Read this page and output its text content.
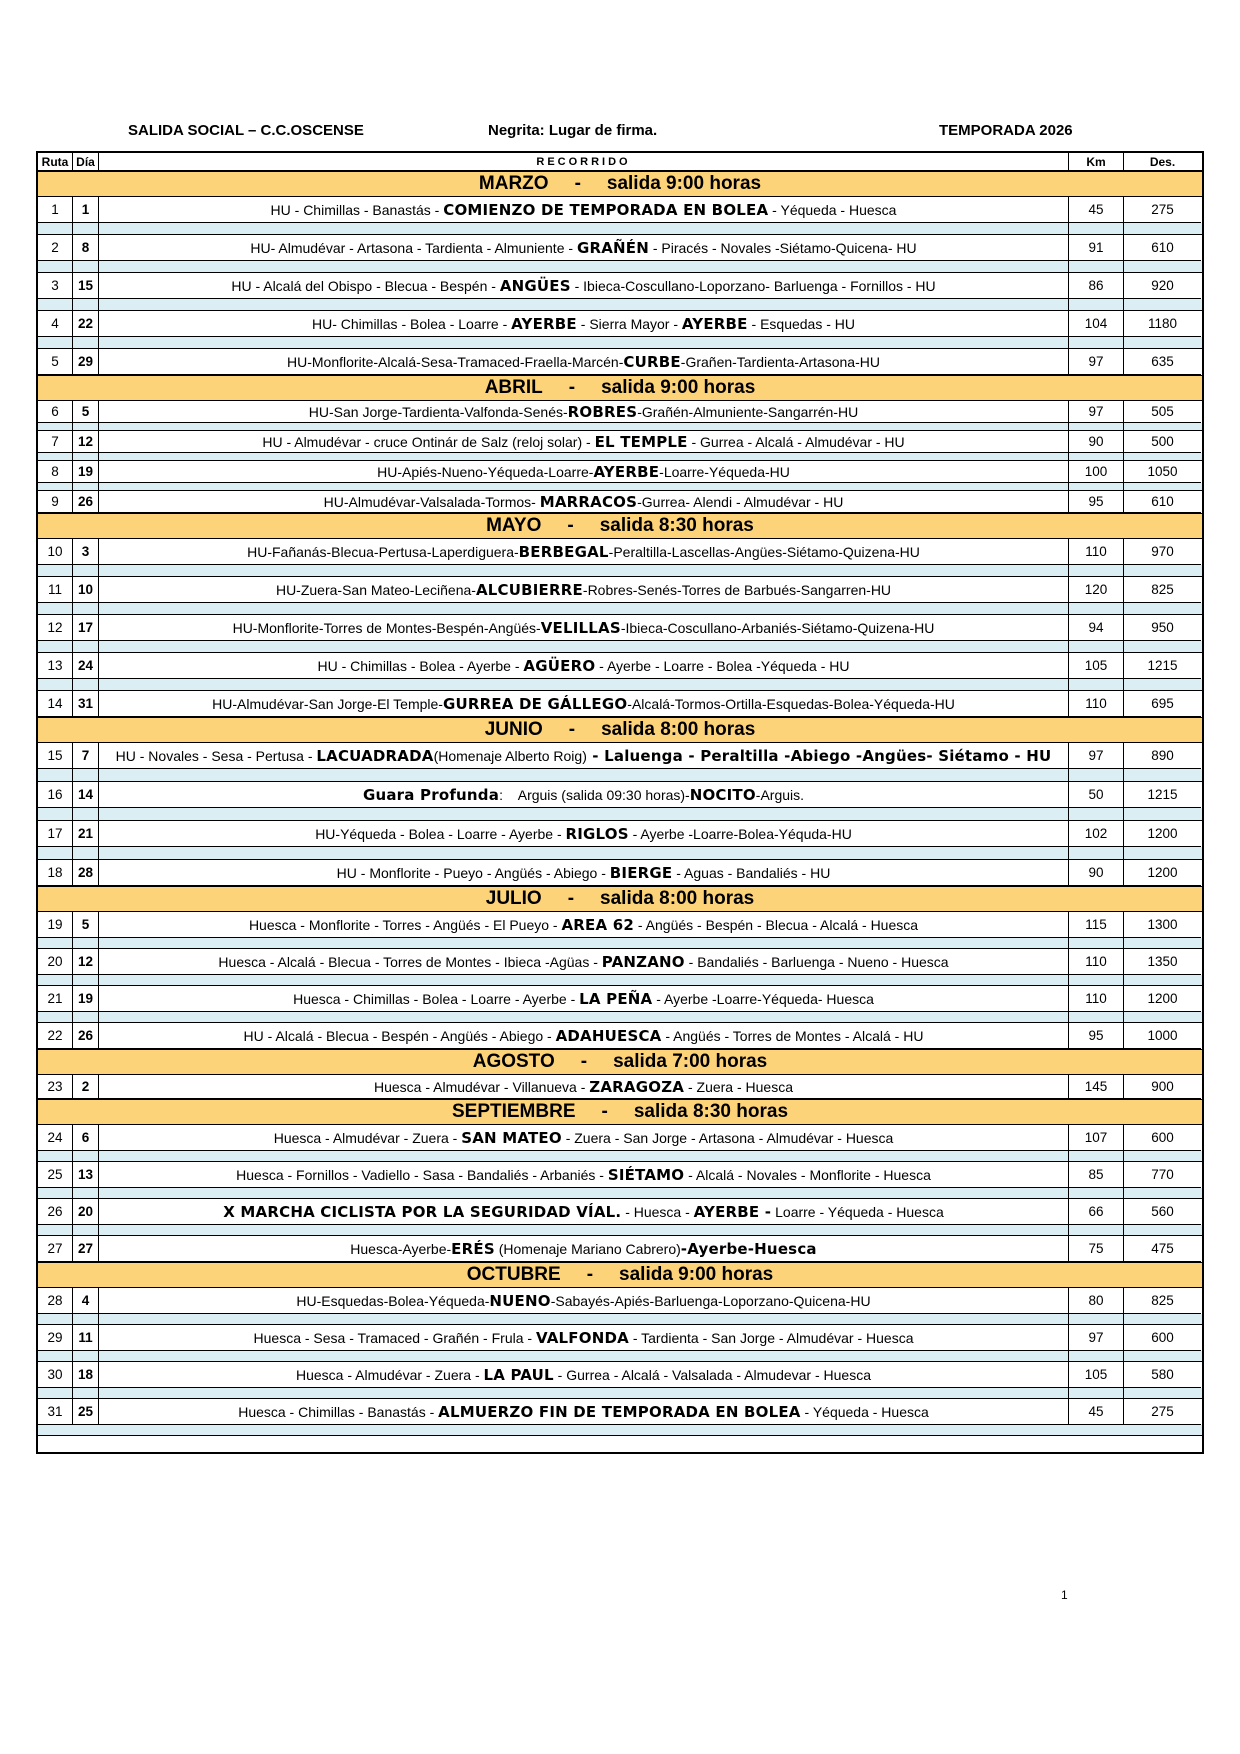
SALIDA SOCIAL – C.C.OSCENSE	Negrita: Lugar de firma.	TEMPORADA 2026
Ruta Día	RECORRIDO	Km	Des.
MARZO - salida 9:00 horas
1	1	HU - Chimillas - Banastás - COMIENZO DE TEMPORADA EN BOLEA - Yéqueda - Huesca	45	275
2	8	HU- Almudévar - Artasona - Tardienta - Almuniente - GRAÑÉN - Piracés - Novales -Siétamo-Quicena- HU	91	610
3	15	HU - Alcalá del Obispo - Blecua - Bespén - ANGÜES - Ibieca-Coscullano-Loporzano- Barluenga - Fornillos - HU	86	920
4	22	HU- Chimillas - Bolea - Loarre - AYERBE - Sierra Mayor - AYERBE - Esquedas - HU	104	1180
5	29	HU-Monflorite-Alcalá-Sesa-Tramaced-Fraella-Marcén- CURBE -Grañen-Tardienta-Artasona-HU	97	635
ABRIL - salida 9:00 horas
6	5	HU-San Jorge-Tardienta-Valfonda-Senés- ROBRES -Grañén-Almuniente-Sangarrén-HU	97	505
7	12	HU - Almudévar - cruce Ontinár de Salz (reloj solar) - EL TEMPLE - Gurrea - Alcalá - Almudévar - HU	90	500
8	19	HU-Apiés-Nueno-Yéqueda-Loarre- AYERBE -Loarre-Yéqueda-HU	100	1050
9	26	HU-Almudévar-Valsalada-Tormos- MARRACOS -Gurrea- Alendi - Almudévar - HU	95	610
MAYO - salida 8:30 horas
10	3	HU-Fañanás-Blecua-Pertusa-Laperdiguera- BERBEGAL -Peraltilla-Lascellas-Angües-Siétamo-Quizena-HU	110	970
11	10	HU-Zuera-San Mateo-Leciñena- ALCUBIERRE -Robres-Senés-Torres de Barbués-Sangarren-HU	120	825
12	17	HU-Monflorite-Torres de Montes-Bespén-Angüés- VELILLAS -Ibieca-Coscullano-Arbaniés-Siétamo-Quizena-HU	94	950
13	24	HU - Chimillas - Bolea - Ayerbe - AGÜERO - Ayerbe - Loarre - Bolea -Yéqueda - HU	105	1215
14	31	HU-Almudévar-San Jorge-El Temple- GURREA DE GÁLLEGO -Alcalá-Tormos-Ortilla-Esquedas-Bolea-Yéqueda-HU	110	695
JUNIO - salida 8:00 horas
15	7	HU - Novales - Sesa - Pertusa - LACUADRADA (Homenaje Alberto Roig) - Laluenga - Peraltilla -Abiego -Angües- Siétamo - HU	97	890
16	14	Guara Profunda :    Arguis (salida 09:30 horas)- NOCITO -Arguis.	50	1215
17	21	HU-Yéqueda - Bolea - Loarre - Ayerbe - RIGLOS - Ayerbe -Loarre-Bolea-Yéquda-HU	102	1200
18	28	HU - Monflorite - Pueyo - Angüés - Abiego - BIERGE - Aguas - Bandaliés - HU	90	1200
JULIO - salida 8:00 horas
19	5	Huesca - Monflorite - Torres - Angüés - El Pueyo - AREA 62 - Angüés - Bespén - Blecua - Alcalá - Huesca	115	1300
20	12	Huesca - Alcalá - Blecua - Torres de Montes - Ibieca -Agüas - PANZANO - Bandaliés - Barluenga - Nueno - Huesca	110	1350
21	19	Huesca - Chimillas - Bolea - Loarre - Ayerbe - LA PEÑA - Ayerbe -Loarre-Yéqueda- Huesca	110	1200
22	26	HU - Alcalá - Blecua - Bespén - Angüés - Abiego - ADAHUESCA - Angüés - Torres de Montes - Alcalá - HU	95	1000
AGOSTO - salida 7:00 horas
23	2	Huesca - Almudévar - Villanueva - ZARAGOZA - Zuera - Huesca	145	900
SEPTIEMBRE - salida 8:30 horas
24	6	Huesca - Almudévar - Zuera - SAN MATEO - Zuera - San Jorge - Artasona - Almudévar - Huesca	107	600
25	13	Huesca - Fornillos - Vadiello - Sasa - Bandaliés - Arbaniés - SIÉTAMO - Alcalá - Novales - Monflorite - Huesca	85	770
26	20	X MARCHA CICLISTA POR LA SEGURIDAD VÍAL. - Huesca - AYERBE - Loarre - Yéqueda - Huesca	66	560
27	27	Huesca-Ayerbe- ERÉS (Homenaje Mariano Cabrero) -Ayerbe-Huesca	75	475
OCTUBRE - salida 9:00 horas
28	4	HU-Esquedas-Bolea-Yéqueda- NUENO -Sabayés-Apiés-Barluenga-Loporzano-Quicena-HU	80	825
29	11	Huesca - Sesa - Tramaced - Grañén - Frula - VALFONDA - Tardienta - San Jorge - Almudévar - Huesca	97	600
30	18	Huesca - Almudévar - Zuera - LA PAUL - Gurrea - Alcalá - Valsalada - Almudevar - Huesca	105	580
31	25	Huesca - Chimillas - Banastás - ALMUERZO FIN DE TEMPORADA EN BOLEA - Yéqueda - Huesca	45	275
1
